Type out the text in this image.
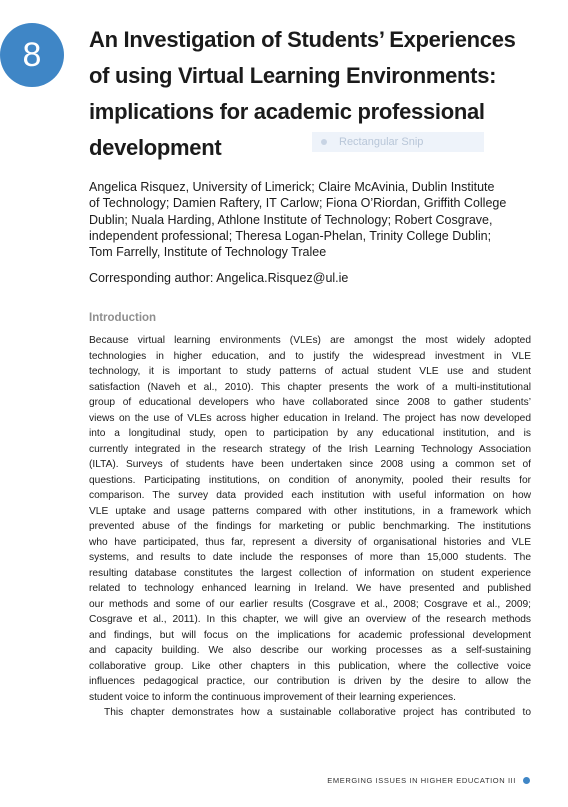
8	An Investigation of Students’ Experiences
of using Virtual Learning Environments:
implications for academic professional
development	Rectangular Snip
Angelica Risquez, University of Limerick; Claire McAvinia, Dublin Institute
of Technology; Damien Raftery, IT Carlow; Fiona O’Riordan, Griffith College
Dublin; Nuala Harding, Athlone Institute of Technology; Robert Cosgrave,
independent professional; Theresa Logan-Phelan, Trinity College Dublin;
Tom Farrelly, Institute of Technology Tralee
Corresponding author: Angelica.Risquez@ul.ie
Introduction
Because virtual learning environments (VLEs) are amongst the most widely adopted
technologies in higher education, and to justify the widespread investment in VLE
technology, it is important to study patterns of actual student VLE use and student
satisfaction (Naveh et al., 2010). This chapter presents the work of a multi-institutional
group of educational developers who have collaborated since 2008 to gather students’
views on the use of VLEs across higher education in Ireland. The project has now developed
into a longitudinal study, open to participation by any educational institution, and is
currently integrated in the research strategy of the Irish Learning Technology Association
(ILTA). Surveys of students have been undertaken since 2008 using a common set of
questions. Participating institutions, on condition of anonymity, pooled their results for
comparison. The survey data provided each institution with useful information on how
VLE uptake and usage patterns compared with other institutions, in a framework which
prevented abuse of the findings for marketing or public benchmarking. The institutions
who have participated, thus far, represent a diversity of organisational histories and VLE
systems, and results to date include the responses of more than 15,000 students. The
resulting database constitutes the largest collection of information on student experience
related to technology enhanced learning in Ireland. We have presented and published
our methods and some of our earlier results (Cosgrave et al., 2008; Cosgrave et al., 2009;
Cosgrave et al., 2011). In this chapter, we will give an overview of the research methods
and findings, but will focus on the implications for academic professional development
and capacity building. We also describe our working processes as a self-sustaining
collaborative group. Like other chapters in this publication, where the collective voice
influences pedagogical practice, our contribution is driven by the desire to allow the
student voice to inform the continuous improvement of their learning experiences.
This chapter demonstrates how a sustainable collaborative project has contributed to
EMERGING ISSUES IN HIGHER EDUCATION III
